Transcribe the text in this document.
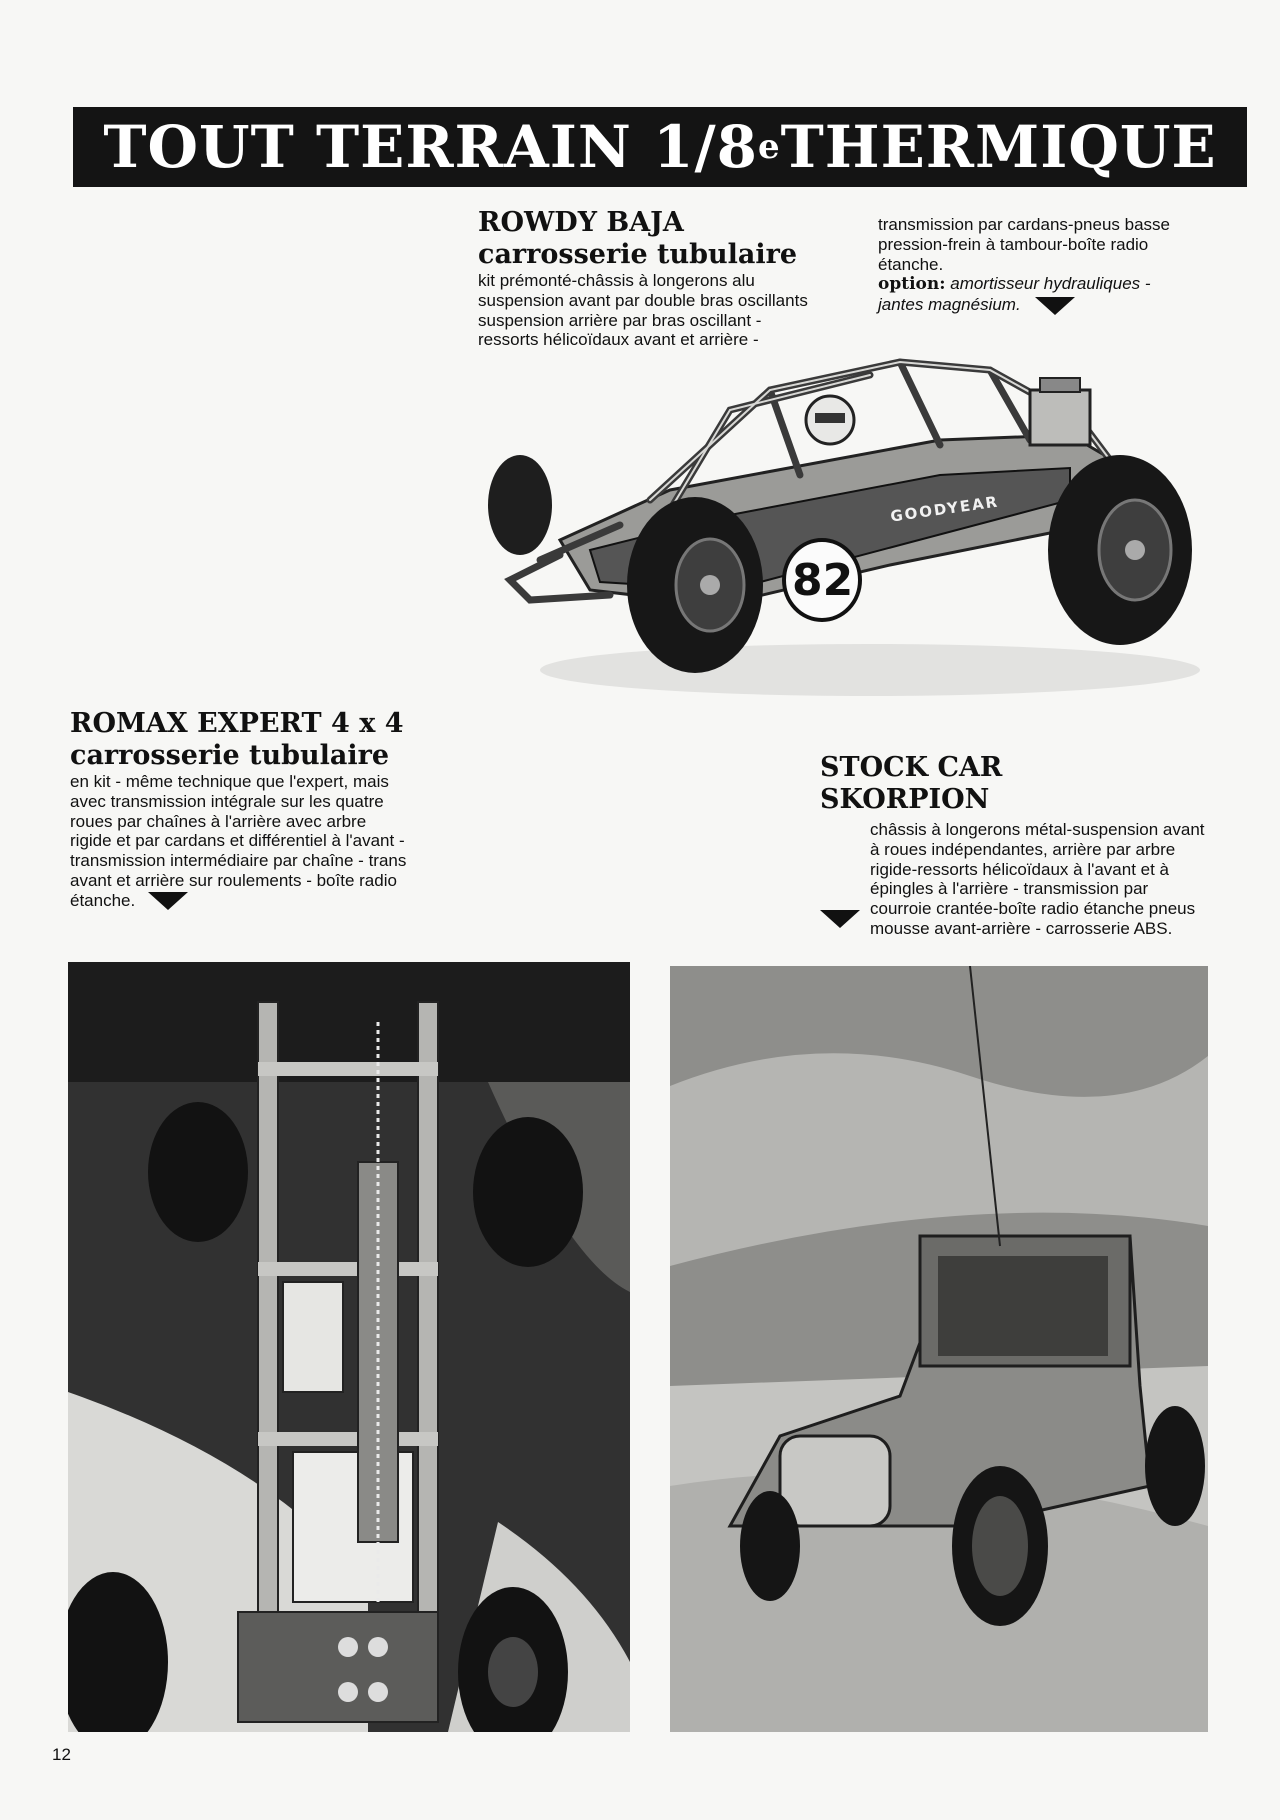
TOUT TERRAIN 1/8 e THERMIQUE
ROWDY BAJA
carrosserie tubulaire

kit prémonté-châssis à longerons alu

suspension avant par double bras oscillants

suspension arrière par bras oscillant -

ressorts hélicoïdaux avant et arrière -

transmission par cardans-pneus basse

pression-frein à tambour-boîte radio

étanche.

option: amortisseur hydrauliques -

jantes magnésium.

82
GOODYEAR
ROMAX EXPERT 4 x 4
carrosserie tubulaire

en kit - même technique que l'expert, mais

avec transmission intégrale sur les quatre

roues par chaînes à l'arrière avec arbre

rigide et par cardans et différentiel à l'avant -

transmission intermédiaire par chaîne - trans

avant et arrière sur roulements - boîte radio

étanche.

STOCK CAR
SKORPION

châssis à longerons métal-suspension avant

à roues indépendantes, arrière par arbre

rigide-ressorts hélicoïdaux à l'avant et à

épingles à l'arrière - transmission par

courroie crantée-boîte radio étanche pneus

mousse avant-arrière - carrosserie ABS.

12
